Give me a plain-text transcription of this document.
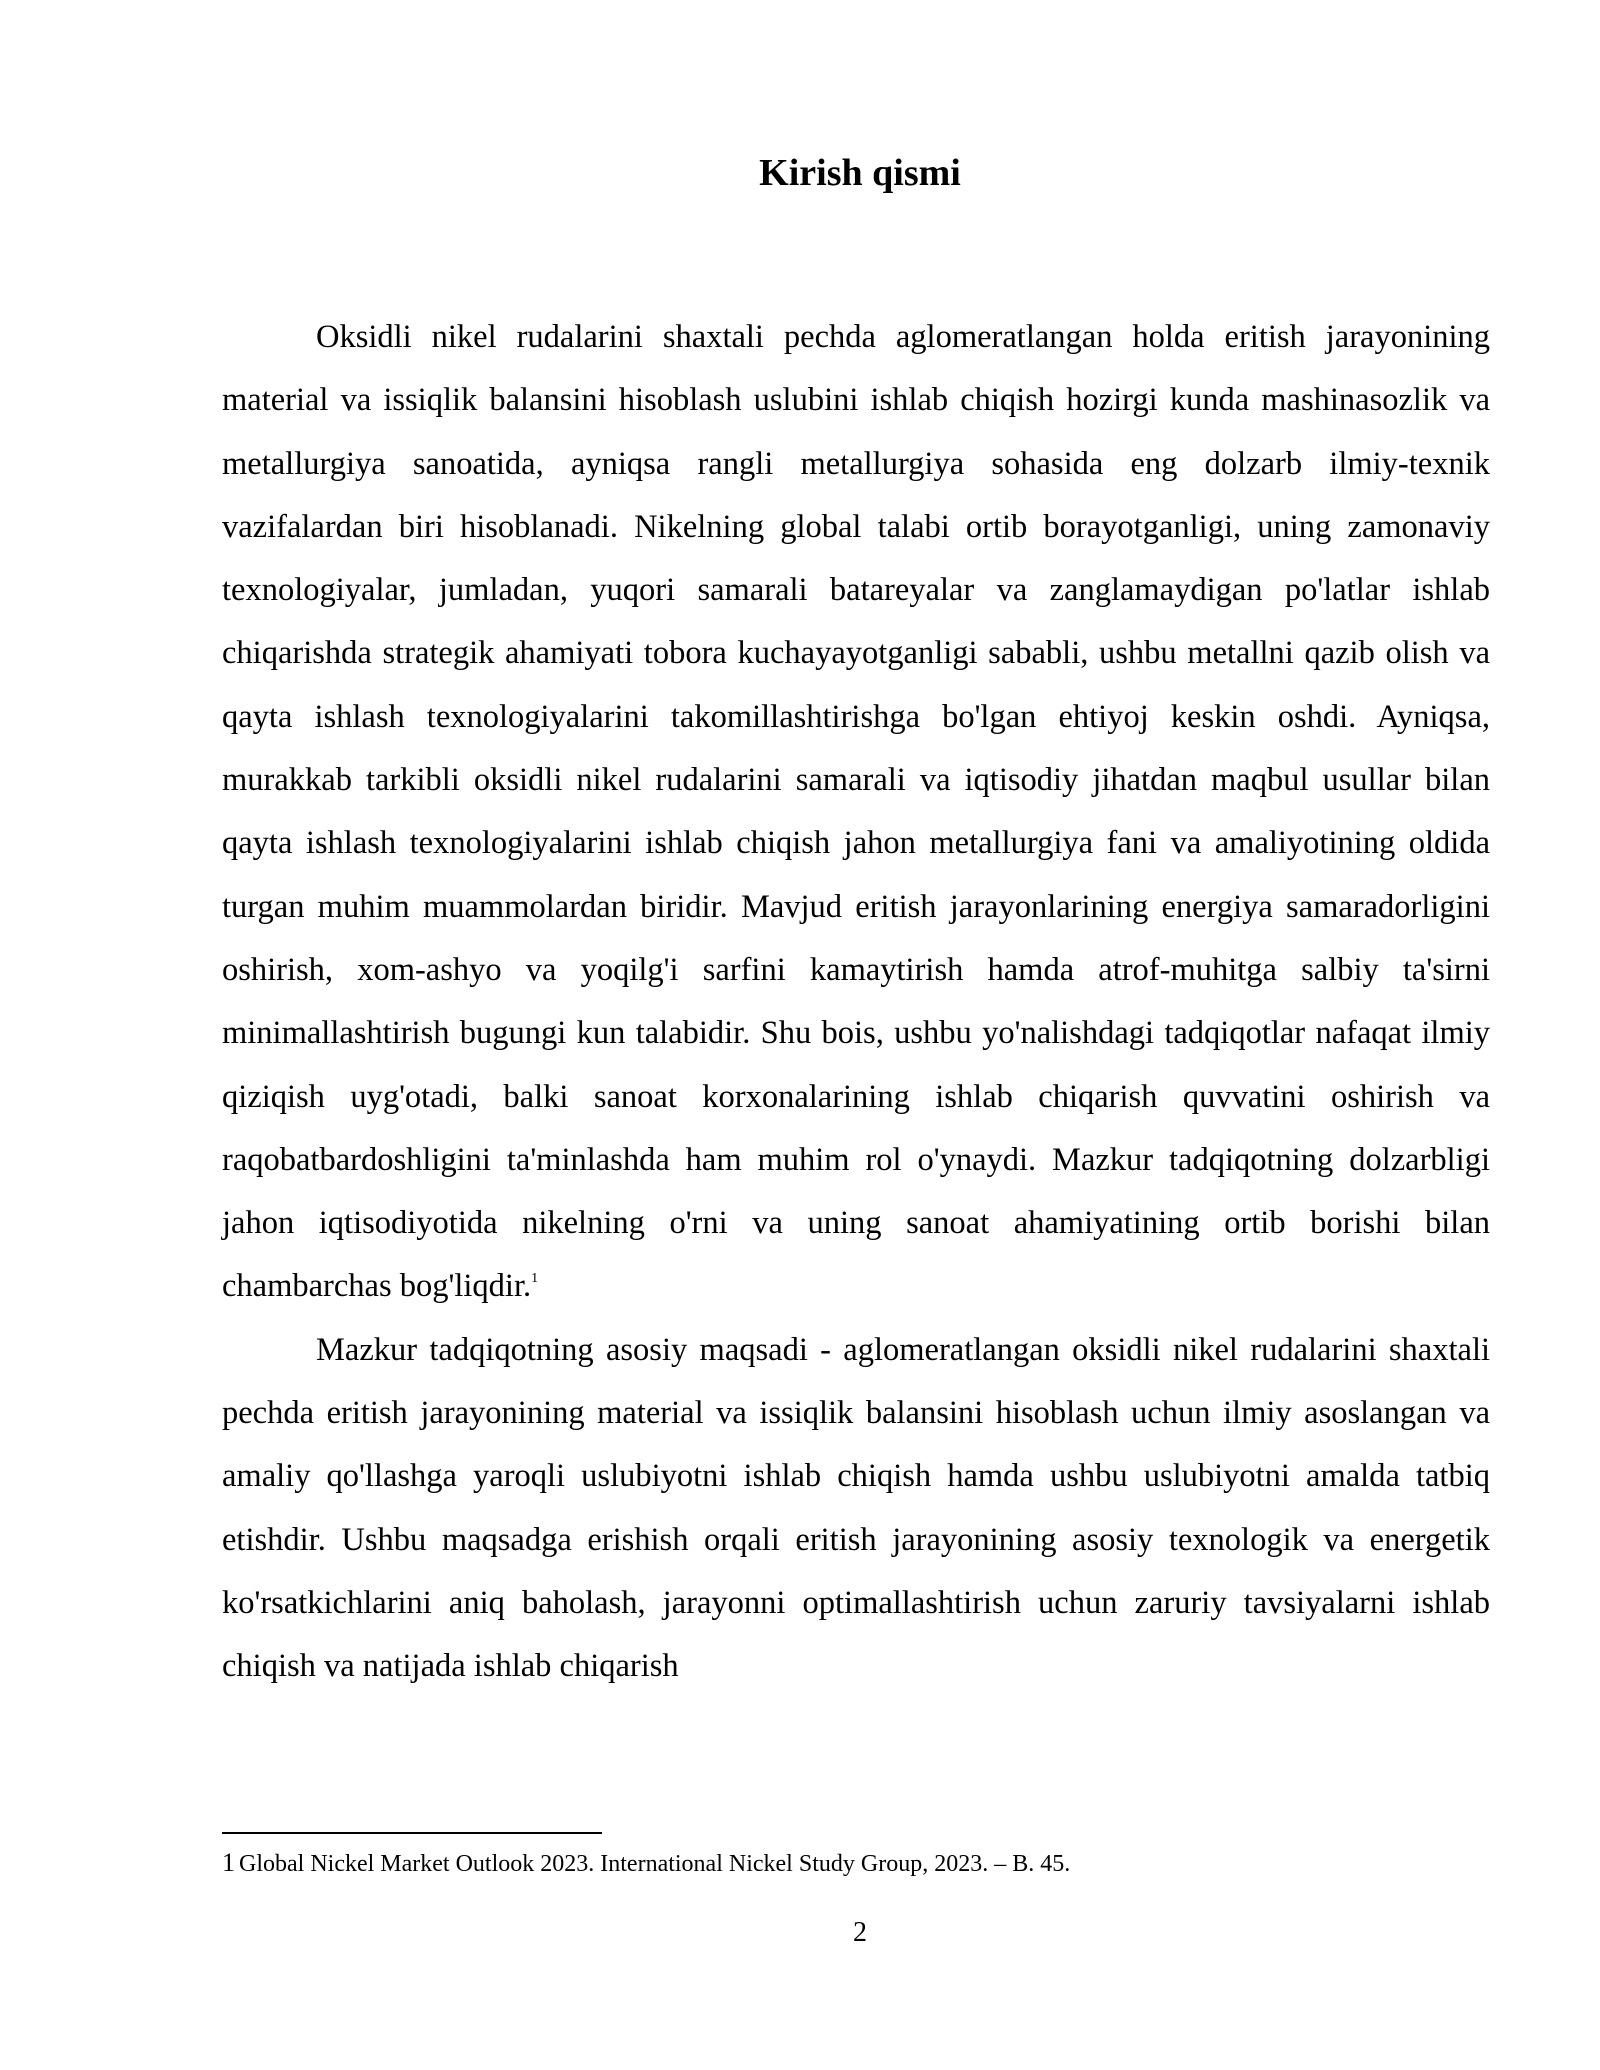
Kirish qismi

Oksidli nikel rudalarini shaxtali pechda aglomeratlangan holda eritish jarayonining material va issiqlik balansini hisoblash uslubini ishlab chiqish hozirgi kunda mashinasozlik va metallurgiya sanoatida, ayniqsa rangli metallurgiya sohasida eng dolzarb ilmiy-texnik vazifalardan biri hisoblanadi. Nikelning global talabi ortib borayotganligi, uning zamonaviy texnologiyalar, jumladan, yuqori samarali batareyalar va zanglamaydigan po'latlar ishlab chiqarishda strategik ahamiyati tobora kuchayayotganligi sababli, ushbu metallni qazib olish va qayta ishlash texnologiyalarini takomillashtirishga bo'lgan ehtiyoj keskin oshdi. Ayniqsa, murakkab tarkibli oksidli nikel rudalarini samarali va iqtisodiy jihatdan maqbul usullar bilan qayta ishlash texnologiyalarini ishlab chiqish jahon metallurgiya fani va amaliyotining oldida turgan muhim muammolardan biridir. Mavjud eritish jarayonlarining energiya samaradorligini oshirish, xom-ashyo va yoqilg'i sarfini kamaytirish hamda atrof-muhitga salbiy ta'sirni minimallashtirish bugungi kun talabidir. Shu bois, ushbu yo'nalishdagi tadqiqotlar nafaqat ilmiy qiziqish uyg'otadi, balki sanoat korxonalarining ishlab chiqarish quvvatini oshirish va raqobatbardoshligini ta'minlashda ham muhim rol o'ynaydi. Mazkur tadqiqotning dolzarbligi jahon iqtisodiyotida nikelning o'rni va uning sanoat ahamiyatining ortib borishi bilan chambarchas bog'liqdir.$^1$

Mazkur tadqiqotning asosiy maqsadi - aglomeratlangan oksidli nikel rudalarini shaxtali pechda eritish jarayonining material va issiqlik balansini hisoblash uchun ilmiy asoslangan va amaliy qo'llashga yaroqli uslubiyotni ishlab chiqish hamda ushbu uslubiyotni amalda tatbiq etishdir. Ushbu maqsadga erishish orqali eritish jarayonining asosiy texnologik va energetik ko'rsatkichlarini aniq baholash, jarayonni optimallashtirish uchun zaruriy tavsiyalarni ishlab chiqish va natijada ishlab chiqarish

1 Global Nickel Market Outlook 2023. International Nickel Study Group, 2023. – B. 45.

2
